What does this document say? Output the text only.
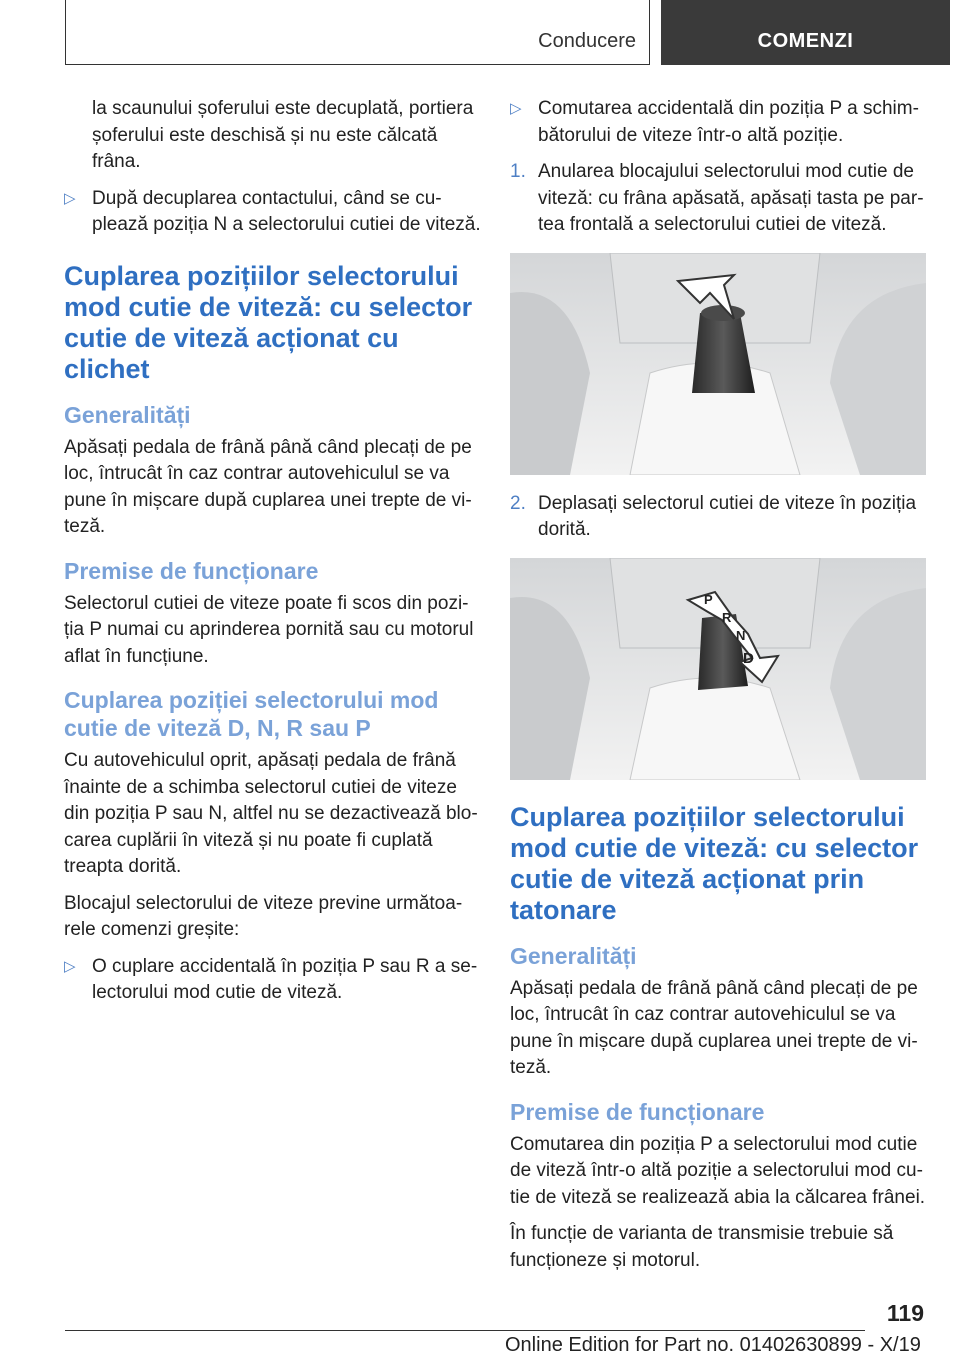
Conducere	COMENZI

la scaunului șoferului este decuplată, portiera șoferului este deschisă și nu este călcată frâna.

▷ După decuplarea contactului, când se cuplează poziția N a selectorului cutiei de viteză.
Cuplarea pozițiilor selectorului mod cutie de viteză: cu selector cutie de viteză acționat cu clichet
Generalități

Apăsați pedala de frână până când plecați de pe loc, întrucât în caz contrar autovehiculul se va pune în mișcare după cuplarea unei trepte de viteză.

Premise de funcționare

Selectorul cutiei de viteze poate fi scos din poziția P numai cu aprinderea pornită sau cu motorul aflat în funcțiune.

Cuplarea poziției selectorului mod cutie de viteză D, N, R sau P

Cu autovehiculul oprit, apăsați pedala de frână înainte de a schimba selectorul cutiei de viteze din poziția P sau N, altfel nu se dezactivează blocarea cuplării în viteză și nu poate fi cuplată treapta dorită.

Blocajul selectorului de viteze previne următoarele comenzi greșite:

▷ O cuplare accidentală în poziția P sau R a selectorului mod cutie de viteză.
▷ Comutarea accidentală din poziția P a schimbătorului de viteze într-o altă poziție.
1. Anularea blocajului selectorului mod cutie de viteză: cu frâna apăsată, apăsați tasta pe partea frontală a selectorului cutiei de viteză.
2. Deplasați selectorul cutiei de viteze în poziția dorită.
P
R
N
D
Cuplarea pozițiilor selectorului mod cutie de viteză: cu selector cutie de viteză acționat prin tatonare
Generalități

Apăsați pedala de frână până când plecați de pe loc, întrucât în caz contrar autovehiculul se va pune în mișcare după cuplarea unei trepte de viteză.

Premise de funcționare

Comutarea din poziția P a selectorului mod cutie de viteză într-o altă poziție a selectorului mod cutie de viteză se realizează abia la călcarea frânei.

În funcție de varianta de transmisie trebuie să funcționeze și motorul.

119
Online Edition for Part no. 01402630899 - X/19
